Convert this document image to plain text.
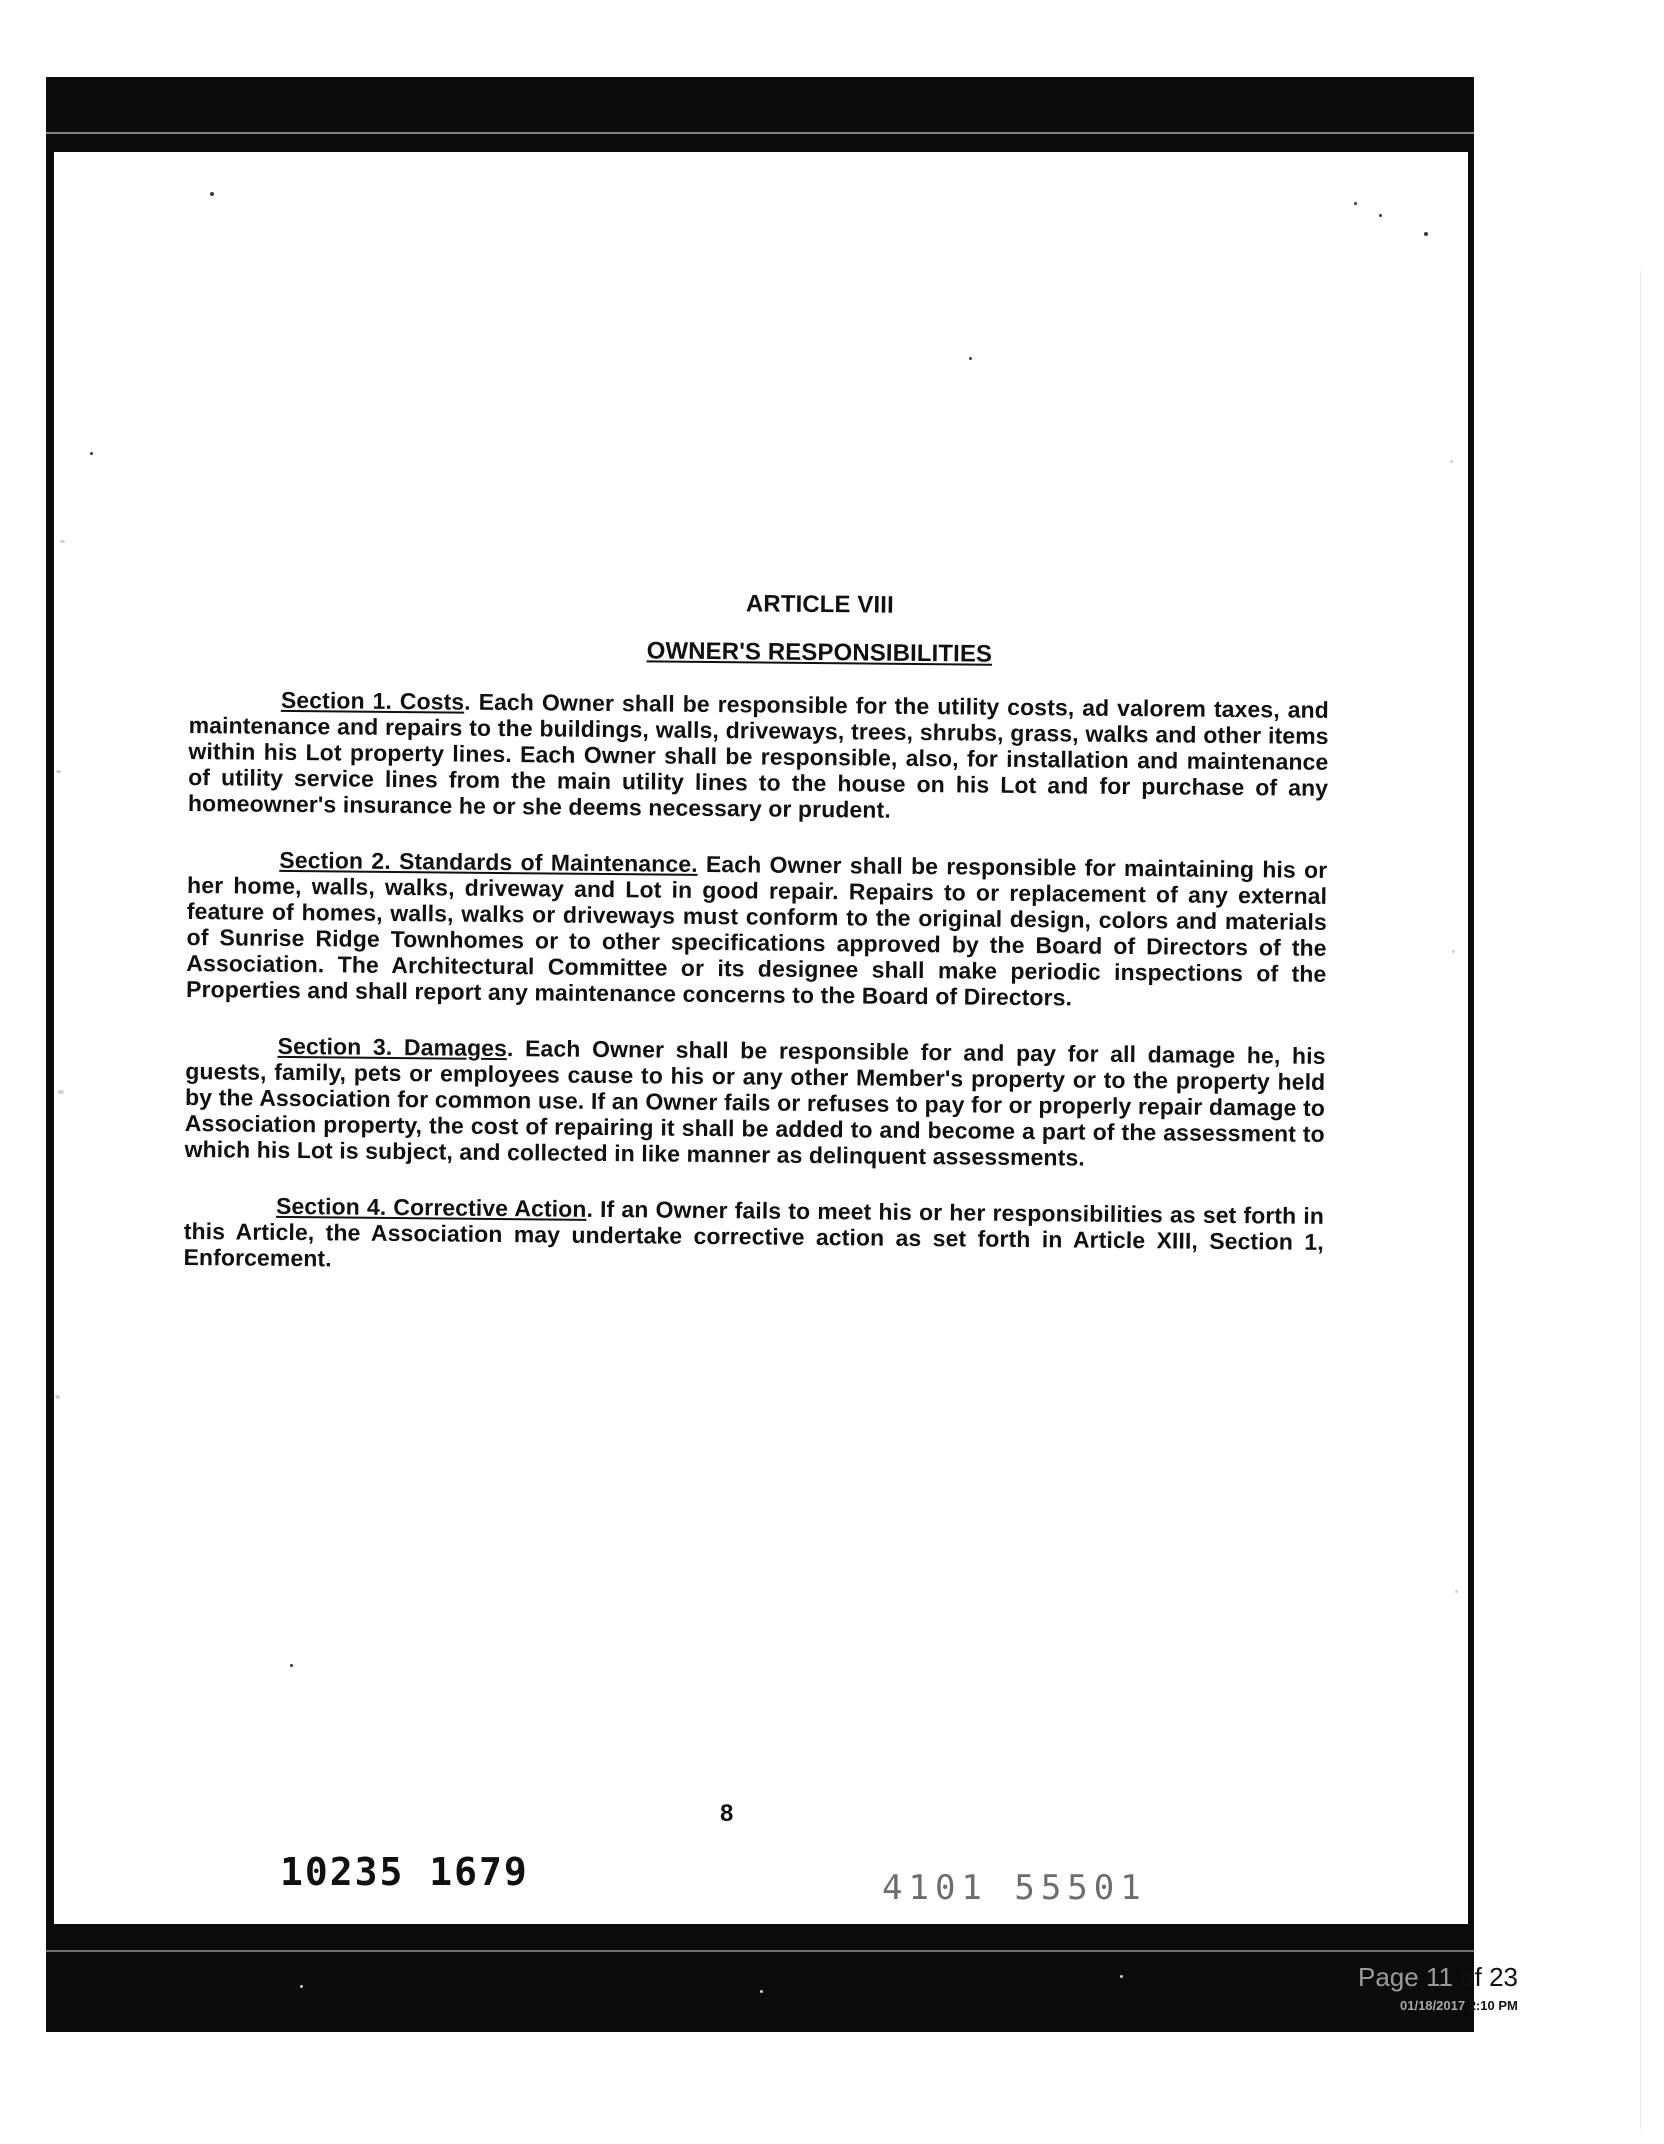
ARTICLE VIII
OWNER'S RESPONSIBILITIES

Section 1. Costs. Each Owner shall be responsible for the utility costs, ad valorem taxes, and maintenance and repairs to the buildings, walls, driveways, trees, shrubs, grass, walks and other items within his Lot property lines. Each Owner shall be responsible, also, for installation and maintenance of utility service lines from the main utility lines to the house on his Lot and for purchase of any homeowner's insurance he or she deems necessary or prudent.

Section 2. Standards of Maintenance. Each Owner shall be responsible for maintaining his or her home, walls, walks, driveway and Lot in good repair. Repairs to or replacement of any external feature of homes, walls, walks or driveways must conform to the original design, colors and materials of Sunrise Ridge Townhomes or to other specifications approved by the Board of Directors of the Association. The Architectural Committee or its designee shall make periodic inspections of the Properties and shall report any maintenance concerns to the Board of Directors.

Section 3. Damages. Each Owner shall be responsible for and pay for all damage he, his guests, family, pets or employees cause to his or any other Member's property or to the property held by the Association for common use. If an Owner fails or refuses to pay for or properly repair damage to Association property, the cost of repairing it shall be added to and become a part of the assessment to which his Lot is subject, and collected in like manner as delinquent assessments.

Section 4. Corrective Action. If an Owner fails to meet his or her responsibilities as set forth in this Article, the Association may undertake corrective action as set forth in Article XIII, Section 1, Enforcement.

8
10235 1679	4101 55501
Page 11 of 23
01/18/2017 2:10 PM
